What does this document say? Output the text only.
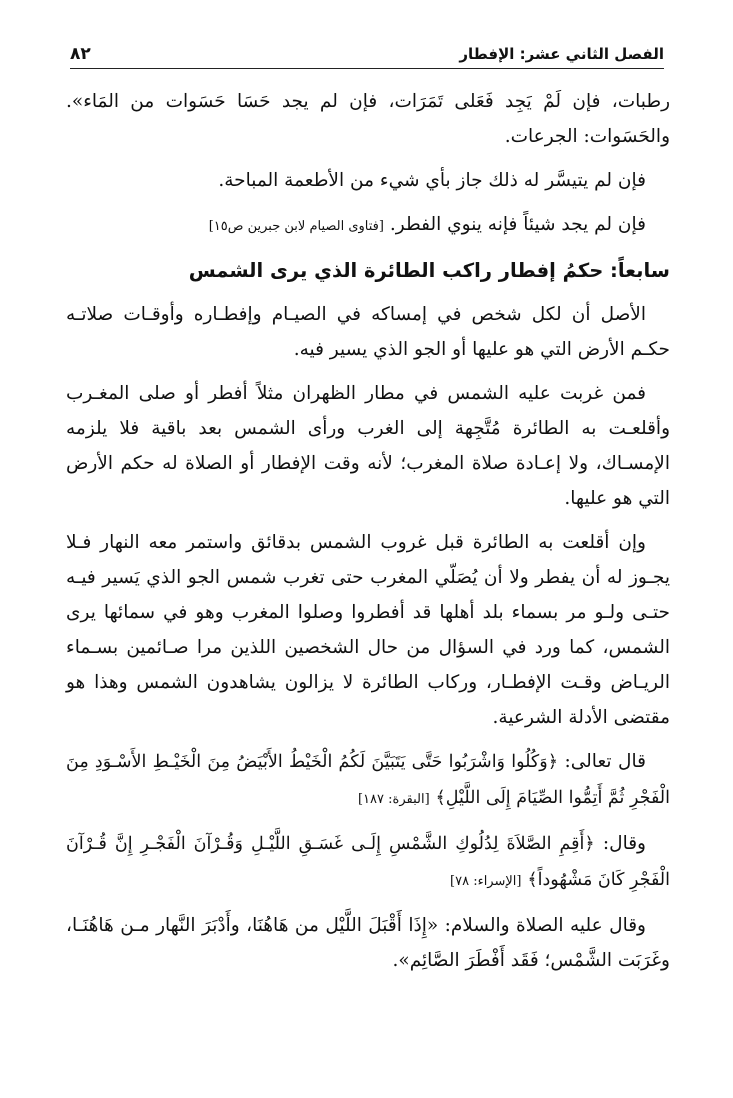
الفصل الثاني عشر: الإفطار
٨٢

رطبات، فإن لَمْ يَجِد فَعَلى تَمَرَات، فإن لم يجد حَسَا حَسَوات من المَاء». والحَسَوات: الجرعات.

فإن لم يتيسَّر له ذلك جاز بأي شيء من الأطعمة المباحة.

فإن لم يجد شيئاً فإنه ينوي الفطر. [فتاوى الصيام لابن جبرين ص١٥]

سابعاً: حكمُ إفطار راكب الطائرة الذي يرى الشمس

الأصل أن لكل شخص في إمساكه في الصيـام وإفطـاره وأوقـات صلاتـه حكـم الأرض التي هو عليها أو الجو الذي يسير فيه.

فمن غربت عليه الشمس في مطار الظهران مثلاً أفطر أو صلى المغـرب وأقلعـت به الطائرة مُتَّجِهة إلى الغرب ورأى الشمس بعد باقية فلا يلزمه الإمسـاك، ولا إعـادة صلاة المغرب؛ لأنه وقت الإفطار أو الصلاة له حكم الأرض التي هو عليها.

وإن أقلعت به الطائرة قبل غروب الشمس بدقائق واستمر معه النهار فـلا يجـوز له أن يفطر ولا أن يُصَلّي المغرب حتى تغرب شمس الجو الذي يَسير فيـه حتـى ولـو مر بسماء بلد أهلها قد أفطروا وصلوا المغرب وهو في سمائها يرى الشمس، كما ورد في السؤال من حال الشخصين اللذين مرا صـائمين بسـماء الريـاض وقـت الإفطـار، وركاب الطائرة لا يزالون يشاهدون الشمس وهذا هو مقتضى الأدلة الشرعية.

قال تعالى: ﴿وَكُلُوا وَاشْرَبُوا حَتَّى يَتَبَيَّنَ لَكُمُ الْخَيْطُ الأَبْيَضُ مِنَ الْخَيْـطِ الأَسْـوَدِ مِنَ الْفَجْرِ ثُمَّ أَتِمُّوا الصِّيَامَ إِلَى اللَّيْلِ﴾ [البقرة: ١٨٧]

وقال: ﴿أَقِمِ الصَّلاَةَ لِدُلُوكِ الشَّمْسِ إِلَـى غَسَـقِ اللَّيْـلِ وَقُـرْآنَ الْفَجْـرِ إِنَّ قُـرْآنَ الْفَجْرِ كَانَ مَشْهُوداً﴾ [الإسراء: ٧٨]

وقال عليه الصلاة والسلام: «إِذَا أَقْبَلَ اللَّيْل من هَاهُنَا، وأَدْبَرَ النَّهار مـن هَاهُنَـا، وغَرَبَت الشَّمْس؛ فَقَد أَفْطَرَ الصَّائِم».
